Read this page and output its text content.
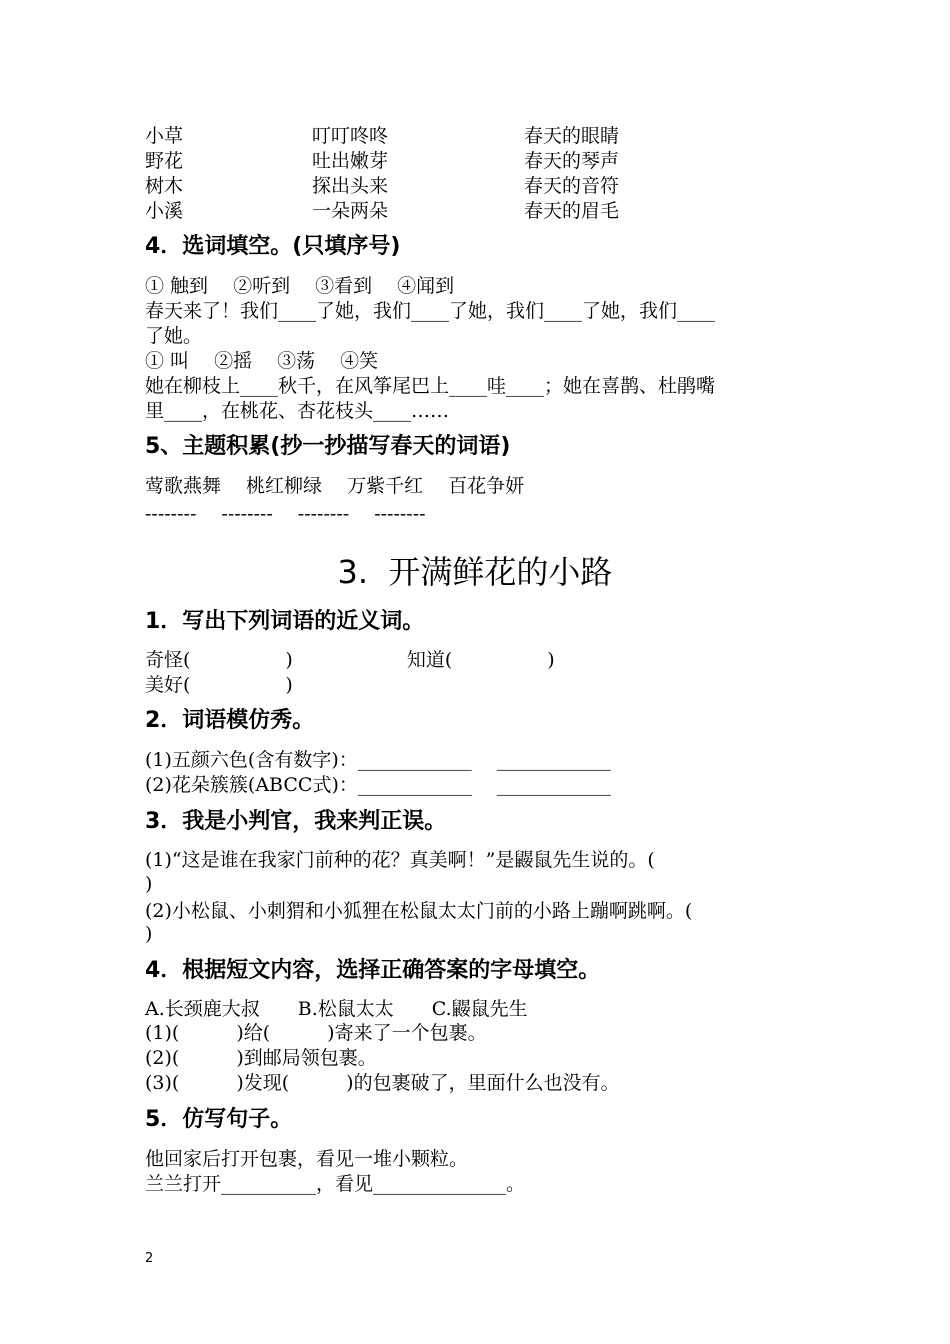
小草
野花
树木
小溪
叮叮咚咚
吐出嫩芽
探出头来
一朵两朵
春天的眼睛
春天的琴声
春天的音符
春天的眉毛
4．选词填空。(只填序号)
① 触到　 ②听到　 ③看到　 ④闻到
春天来了！我们____了她，我们____了她，我们____了她，我们____
了她。
① 叫　 ②摇　 ③荡　 ④笑
她在柳枝上____秋千，在风筝尾巴上____哇____；她在喜鹊、杜鹃嘴
里____，在桃花、杏花枝头____……
5、主题积累(抄一抄描写春天的词语)
莺歌燕舞　 桃红柳绿　 万紫千红　 百花争妍
--------　 --------　 --------　 --------
3.  开满鲜花的小路
1．写出下列词语的近义词。
奇怪(　　　　　)　　　　　　知道(　　　　　)
美好(　　　　　)
2．词语模仿秀。
(1)五颜六色(含有数字)：____________　 ____________
(2)花朵簇簇(ABCC式)：____________　 ____________
3．我是小判官，我来判正误。
(1)“这是谁在我家门前种的花？真美啊！”是鼹鼠先生说的。(
)
(2)小松鼠、小刺猬和小狐狸在松鼠太太门前的小路上蹦啊跳啊。(
)
4．根据短文内容，选择正确答案的字母填空。
A.长颈鹿大叔　　B.松鼠太太　　C.鼹鼠先生
(1)(　　　)给(　　　)寄来了一个包裹。
(2)(　　　)到邮局领包裹。
(3)(　　　)发现(　　　)的包裹破了，里面什么也没有。
5．仿写句子。
他回家后打开包裹，看见一堆小颗粒。
兰兰打开__________，看见______________。
2
